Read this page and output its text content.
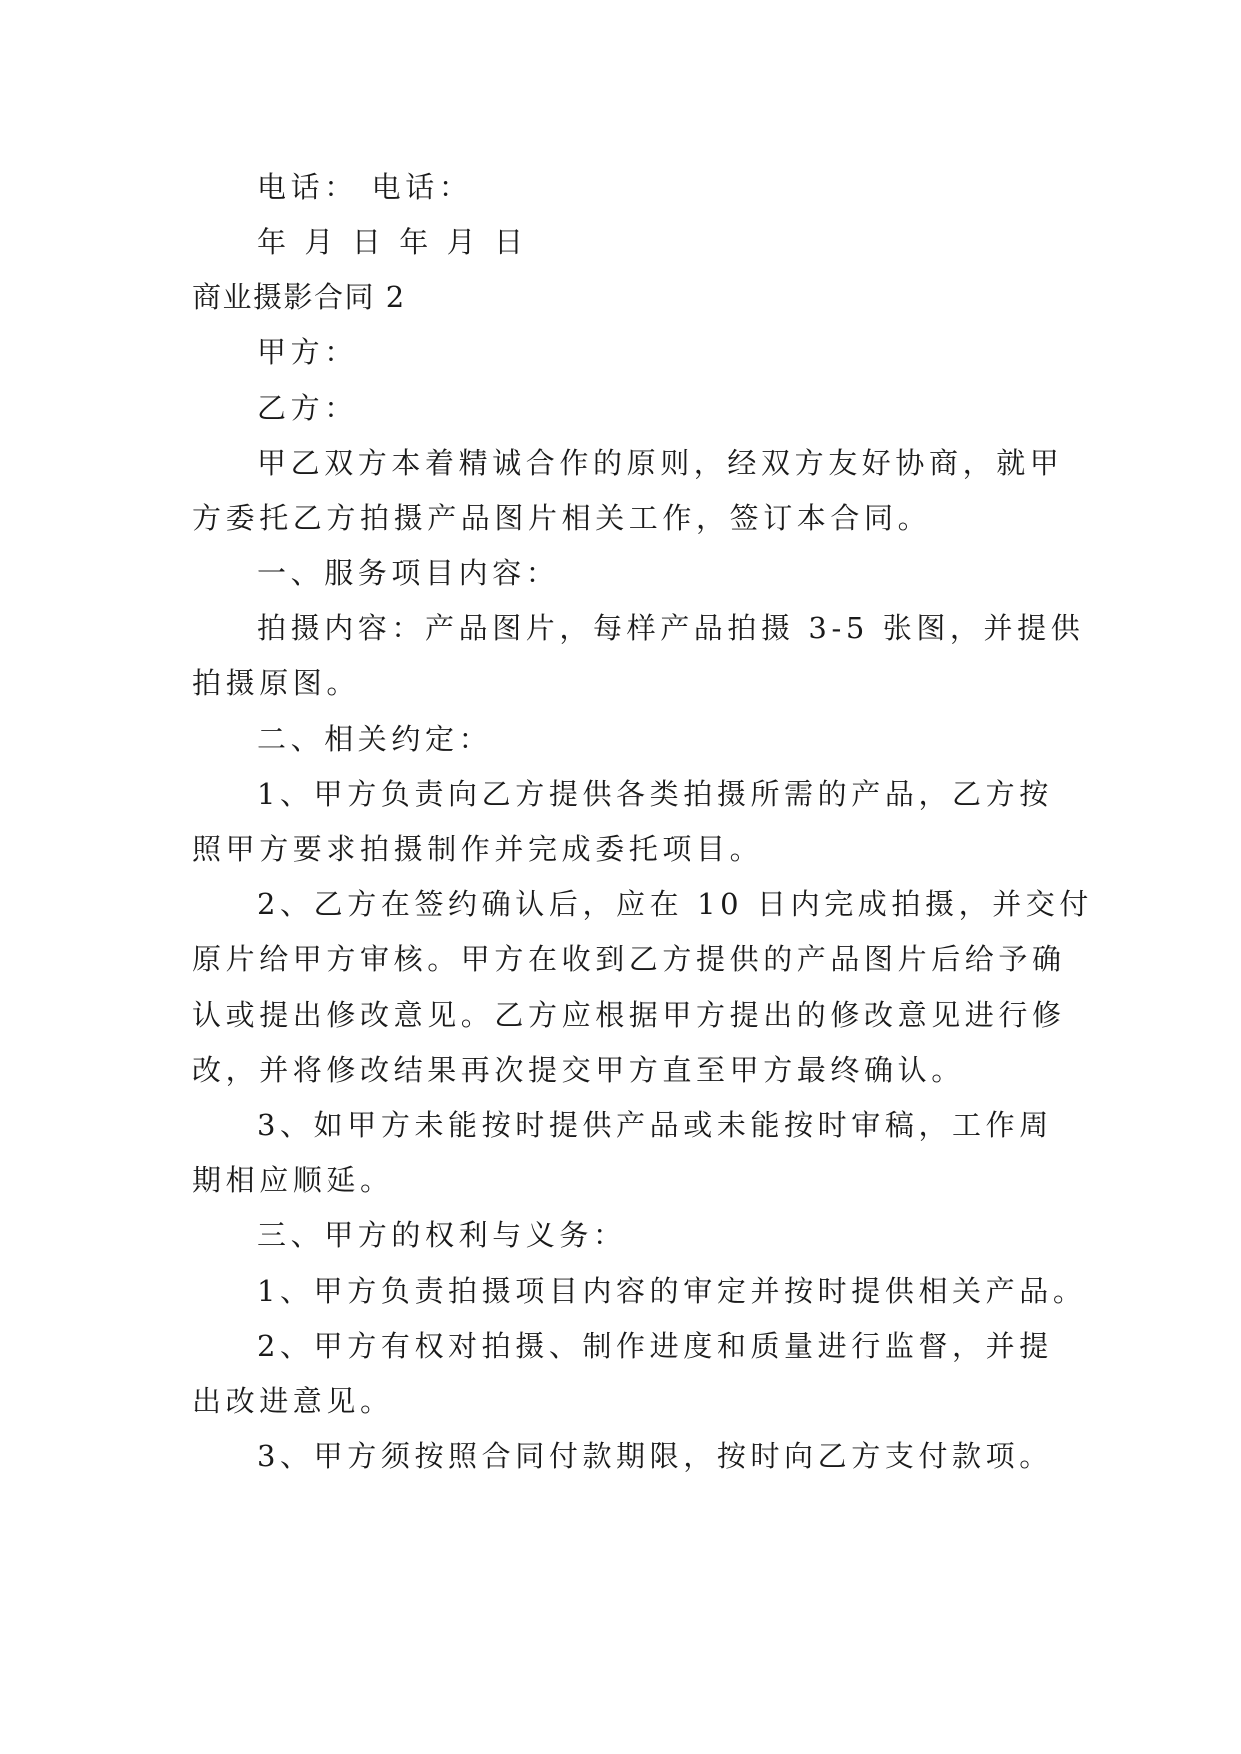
电话： 电话：
年 月 日 年 月 日
商业摄影合同 2
甲方：
乙方：
甲乙双方本着精诚合作的原则，经双方友好协商，就甲
方委托乙方拍摄产品图片相关工作，签订本合同。
一、服务项目内容：
拍摄内容：产品图片，每样产品拍摄 3-5 张图，并提供
拍摄原图。
二、相关约定：
1、甲方负责向乙方提供各类拍摄所需的产品，乙方按
照甲方要求拍摄制作并完成委托项目。
2、乙方在签约确认后，应在 10 日内完成拍摄，并交付
原片给甲方审核。甲方在收到乙方提供的产品图片后给予确
认或提出修改意见。乙方应根据甲方提出的修改意见进行修
改，并将修改结果再次提交甲方直至甲方最终确认。
3、如甲方未能按时提供产品或未能按时审稿，工作周
期相应顺延。
三、甲方的权利与义务：
1、甲方负责拍摄项目内容的审定并按时提供相关产品。
2、甲方有权对拍摄、制作进度和质量进行监督，并提
出改进意见。
3、甲方须按照合同付款期限，按时向乙方支付款项。
